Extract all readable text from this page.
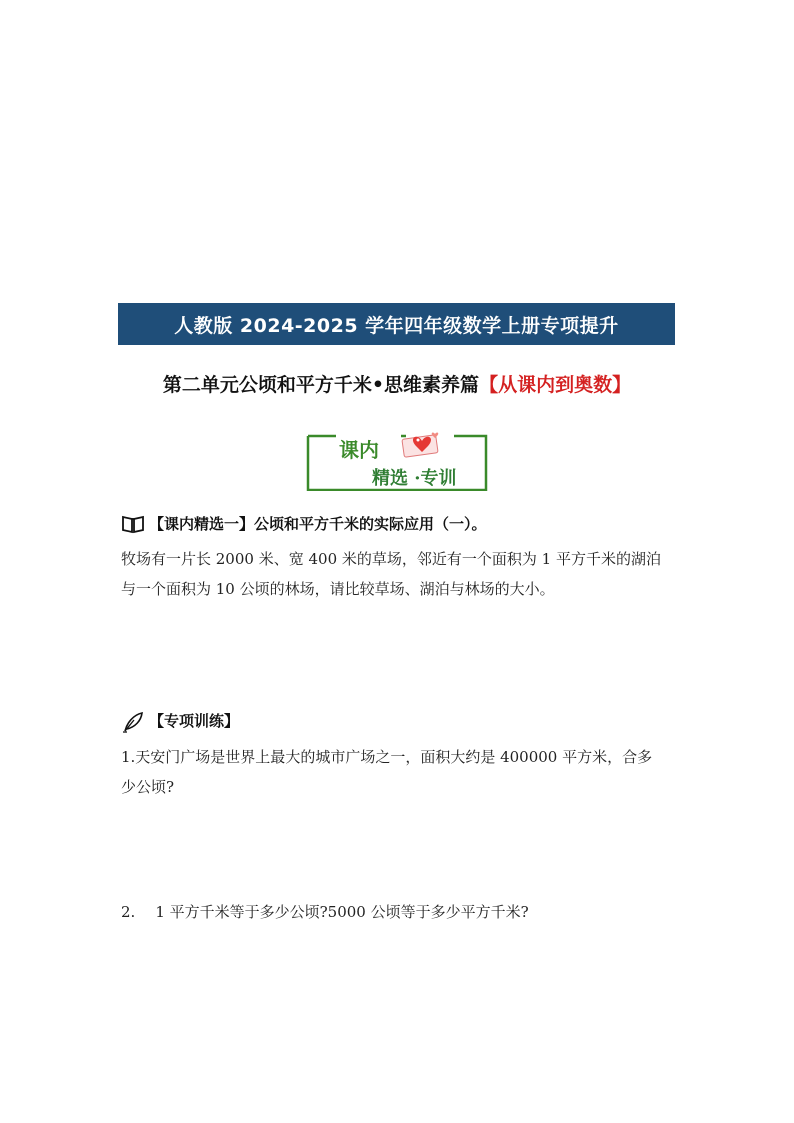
人教版 2024-2025 学年四年级数学上册专项提升
第二单元公顷和平方千米•思维素养篇【从课内到奥数】
课内
精选 ·专训
【课内精选一】公顷和平方千米的实际应用（一）。
牧场有一片长 2000 米、宽 400 米的草场，邻近有一个面积为 1 平方千米的湖泊
与一个面积为 10 公顷的林场，请比较草场、湖泊与林场的大小。
【专项训练】
1.天安门广场是世界上最大的城市广场之一，面积大约是 400000 平方米，合多
少公顷?
2. 1 平方千米等于多少公顷?5000 公顷等于多少平方千米?
